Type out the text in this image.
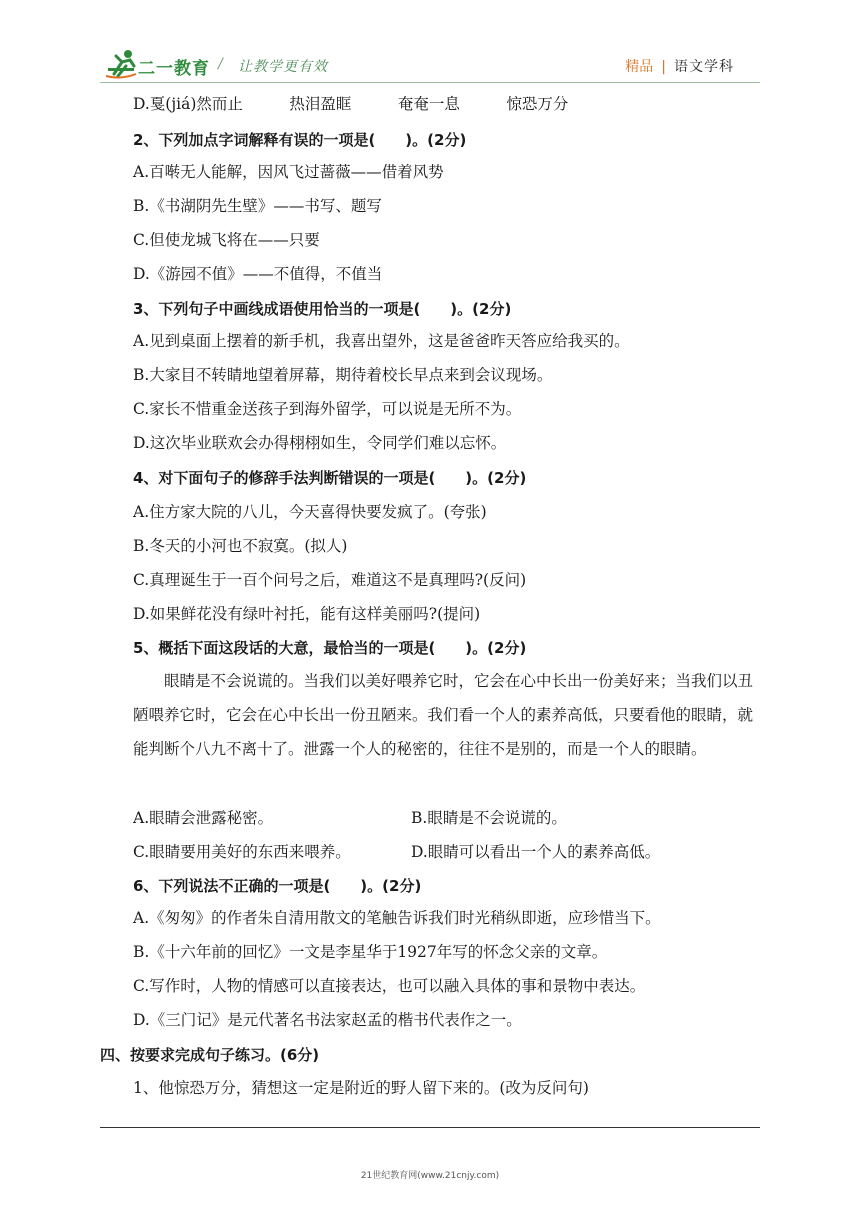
二一教育 / 让教学更有效	精品 | 语文学科
D.戛(jiá)然而止　　　热泪盈眶　　　奄奄一息　　　惊恐万分
2、下列加点字词解释有误的一项是(　　)。(2分)
A.百啭无人能解，因风飞过蔷薇——借着风势
B.《书湖阴先生壁》——书写、题写
C.但使龙城飞将在——只要
D.《游园不值》——不值得，不值当
3、下列句子中画线成语使用恰当的一项是(　　)。(2分)
A.见到桌面上摆着的新手机，我喜出望外，这是爸爸昨天答应给我买的。
B.大家目不转睛地望着屏幕，期待着校长早点来到会议现场。
C.家长不惜重金送孩子到海外留学，可以说是无所不为。
D.这次毕业联欢会办得栩栩如生，令同学们难以忘怀。
4、对下面句子的修辞手法判断错误的一项是(　　)。(2分)
A.住方家大院的八儿，今天喜得快要发疯了。(夸张)
B.冬天的小河也不寂寞。(拟人)
C.真理诞生于一百个问号之后，难道这不是真理吗?(反问)
D.如果鲜花没有绿叶衬托，能有这样美丽吗?(提问)
5、概括下面这段话的大意，最恰当的一项是(　　)。(2分)
眼睛是不会说谎的。当我们以美好喂养它时，它会在心中长出一份美好来；当我们以丑陋喂养它时，它会在心中长出一份丑陋来。我们看一个人的素养高低，只要看他的眼睛，就能判断个八九不离十了。泄露一个人的秘密的，往往不是别的，而是一个人的眼睛。
A.眼睛会泄露秘密。	B.眼睛是不会说谎的。
C.眼睛要用美好的东西来喂养。	D.眼睛可以看出一个人的素养高低。
6、下列说法不正确的一项是(　　)。(2分)
A.《匆匆》的作者朱自清用散文的笔触告诉我们时光稍纵即逝，应珍惜当下。
B.《十六年前的回忆》一文是李星华于1927年写的怀念父亲的文章。
C.写作时，人物的情感可以直接表达，也可以融入具体的事和景物中表达。
D.《三门记》是元代著名书法家赵孟的楷书代表作之一。
四、按要求完成句子练习。(6分)
1、他惊恐万分，猜想这一定是附近的野人留下来的。(改为反问句)
21世纪教育网(www.21cnjy.com)
